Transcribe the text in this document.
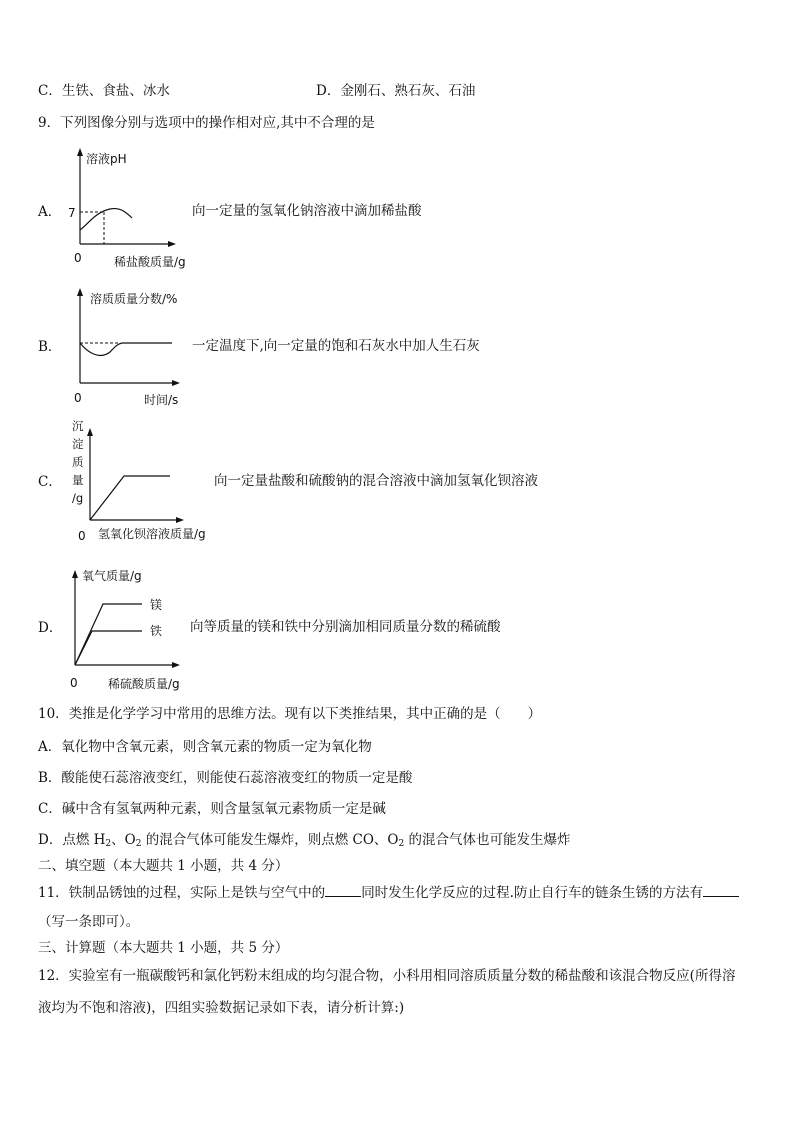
C．生铁、食盐、冰水	D．金刚石、熟石灰、石油
9．下列图像分别与选项中的操作相对应,其中不合理的是
A．	向一定量的氢氧化钠溶液中滴加稀盐酸
溶液pH
7
0	稀盐酸质量/g
B．	一定温度下,向一定量的饱和石灰水中加人生石灰
溶质质量分数/%
0	时间/s
C．	向一定量盐酸和硫酸钠的混合溶液中滴加氢氧化钡溶液
沉
淀
质
量
/g
0 氢氧化钡溶液质量/g
D．	向等质量的镁和铁中分别滴加相同质量分数的稀硫酸
氧气质量/g
镁
铁
0	稀硫酸质量/g
10．类推是化学学习中常用的思维方法。现有以下类推结果，其中正确的是（　　）
A．氧化物中含氧元素，则含氧元素的物质一定为氧化物
B．酸能使石蕊溶液变红，则能使石蕊溶液变红的物质一定是酸
C．碱中含有氢氧两种元素，则含量氢氧元素物质一定是碱
D．点燃 $H_2$、$O_2$ 的混合气体可能发生爆炸，则点燃 CO、$O_2$ 的混合气体也可能发生爆炸
二、填空题（本大题共 1 小题，共 4 分）
11．铁制品锈蚀的过程，实际上是铁与空气中的	同时发生化学反应的过程.防止自行车的链条生锈的方法有
（写一条即可）。
三、计算题（本大题共 1 小题，共 5 分）
12．实验室有一瓶碳酸钙和氯化钙粉末组成的均匀混合物，小科用相同溶质质量分数的稀盐酸和该混合物反应(所得溶
液均为不饱和溶液)，四组实验数据记录如下表，请分析计算:)
